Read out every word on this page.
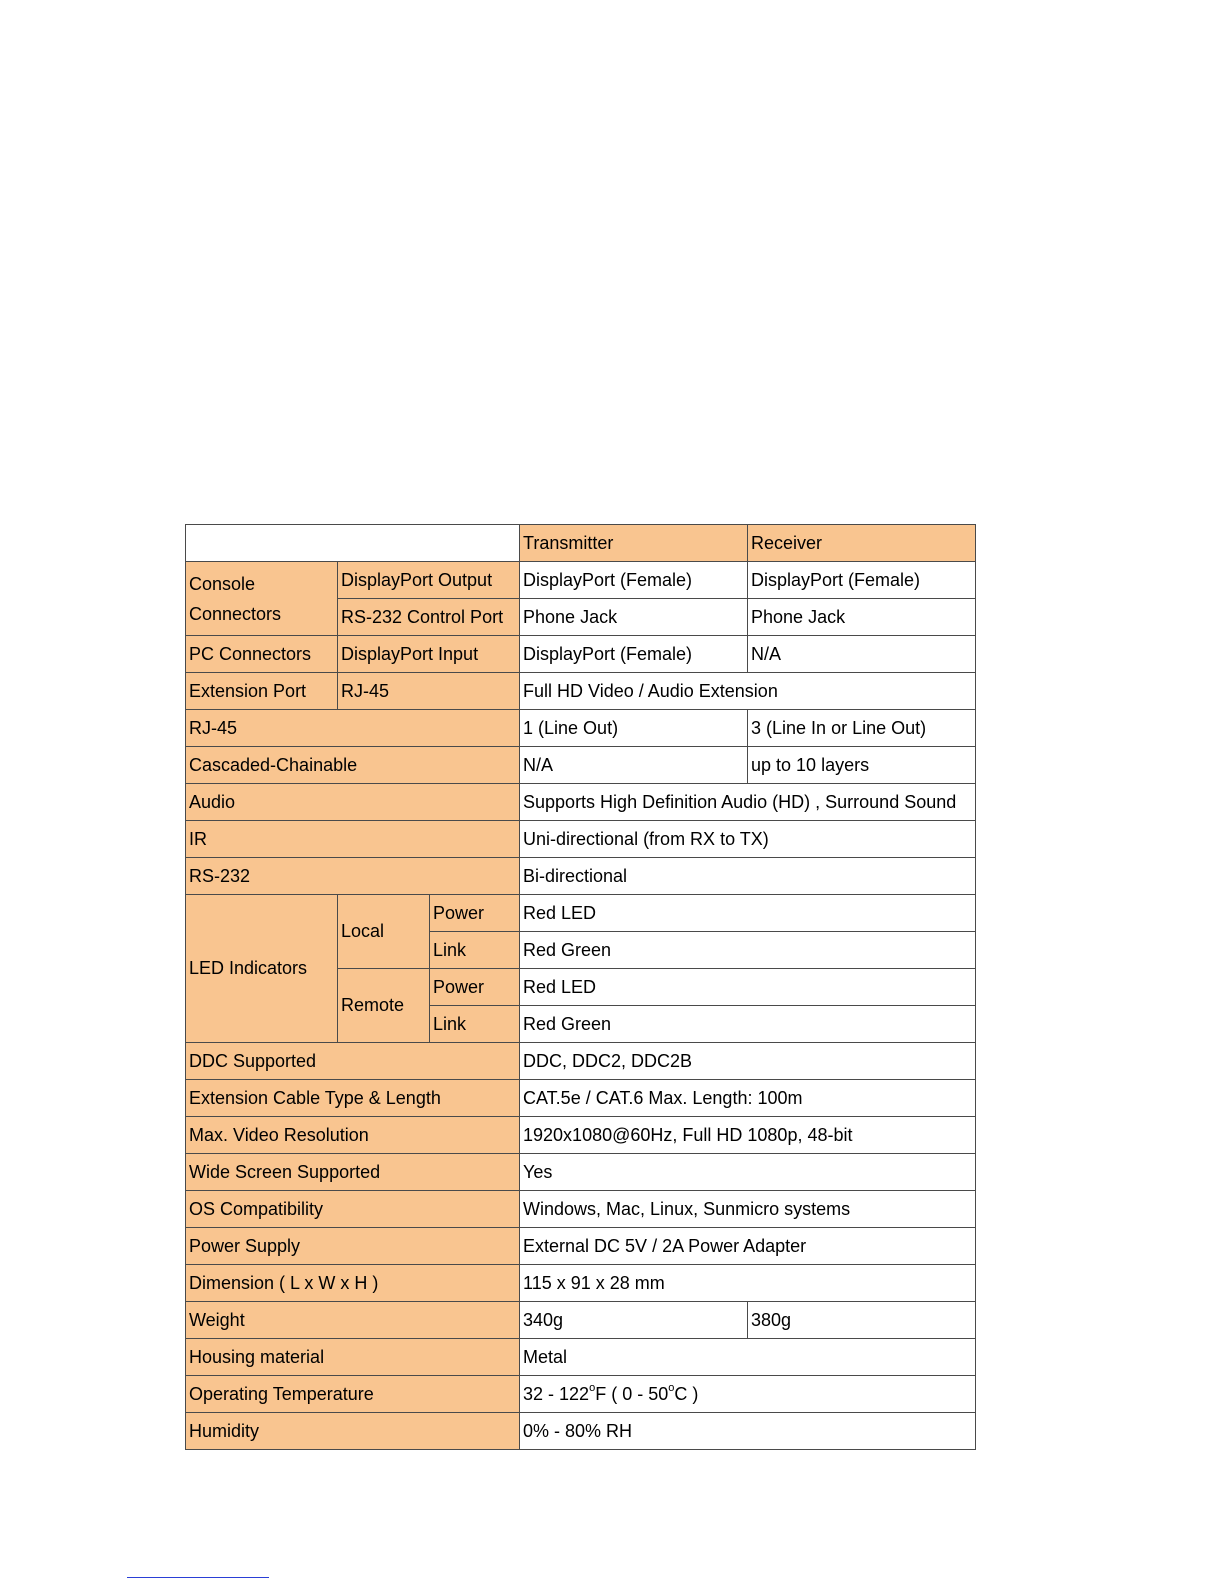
			Transmitter	Receiver
Console Connectors	DisplayPort Output		DisplayPort (Female)	DisplayPort (Female)
	RS-232 Control Port		Phone Jack	Phone Jack
PC Connectors	DisplayPort Input		DisplayPort (Female)	N/A
Extension Port	RJ-45		Full HD Video / Audio Extension	
RJ-45			1 (Line Out)	3 (Line In or Line Out)
Cascaded-Chainable			N/A	up to 10 layers
Audio			Supports High Definition Audio (HD) , Surround Sound	
IR			Uni-directional (from RX to TX)	
RS-232			Bi-directional	
LED Indicators	Local	Power	Red LED	
		Link	Red Green	
	Remote	Power	Red LED	
		Link	Red Green	
DDC Supported			DDC, DDC2, DDC2B	
Extension Cable Type & Length			CAT.5e / CAT.6 Max. Length: 100m	
Max. Video Resolution			1920x1080@60Hz, Full HD 1080p, 48-bit	
Wide Screen Supported			Yes	
OS Compatibility			Windows, Mac, Linux, Sunmicro systems	
Power Supply			External DC 5V / 2A Power Adapter	
Dimension ( L x W x H )			115 x 91 x 28 mm	
Weight			340g	380g
Housing material			Metal	
Operating Temperature			32 - 122$^o$F ( 0 - 50$^o$C )	
Humidity			0% - 80% RH	
